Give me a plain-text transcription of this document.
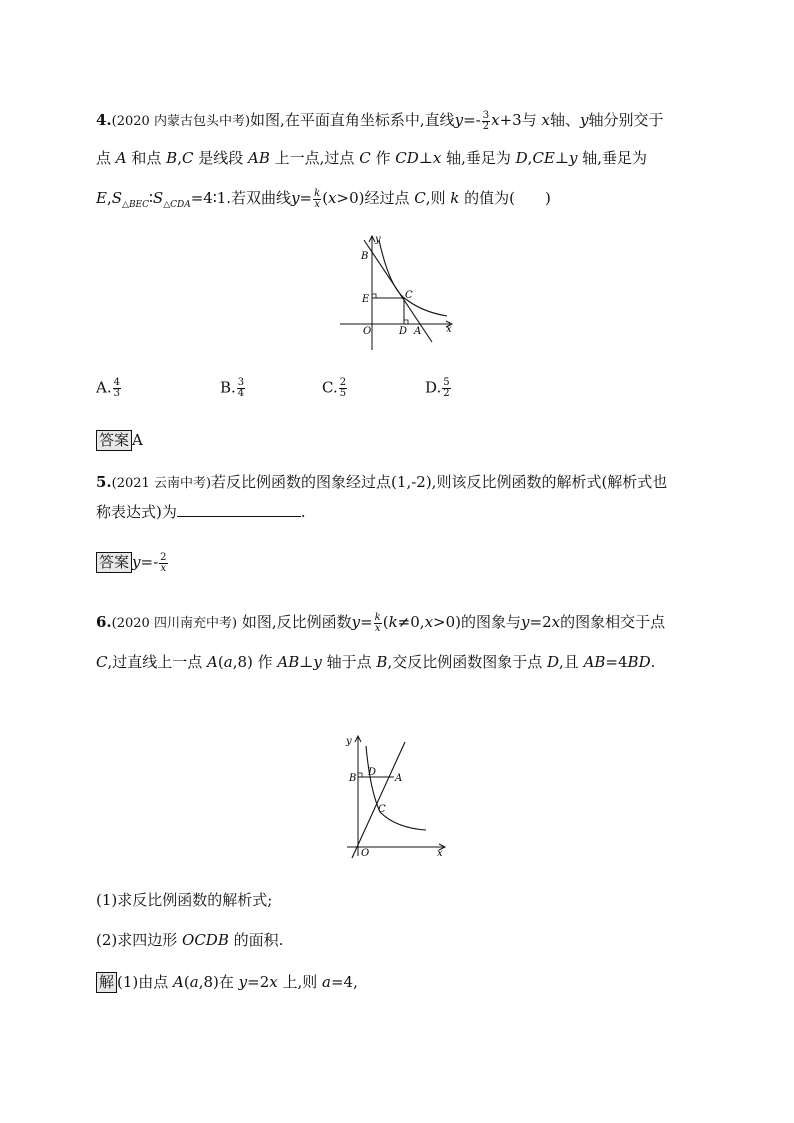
4.(2020 内蒙古包头中考)如图,在平面直角坐标系中,直线$y=- \frac{3}{2} x+3$与 x轴、y轴分别交于
点 A 和点 B,C 是线段 AB 上一点,过点 C 作 CD⊥x 轴,垂足为 D,CE⊥y 轴,垂足为
$E,S_{\triangle BEC}∶S_{\triangle CDA}=4∶1$.若双曲线$y= \frac{k}{x} (x>0)$经过点 C,则 k 的值为(　　)
y
B
E	C
O	D A x
A. $\frac{4}{3}$	B. $\frac{3}{4}$	C. $\frac{2}{5}$	D. $\frac{5}{2}$
答案 A
5.(2021 云南中考)若反比例函数的图象经过点(1,-2),则该反比例函数的解析式(解析式也
称表达式)为	.
答案 $y=- \frac{2}{x}$
6.(2020 四川南充中考) 如图,反比例函数$y= \frac{k}{x} (k\ne 0,x>0)$的图象与y=2x的图象相交于点
C,过直线上一点 A(a,8) 作 AB⊥y 轴于点 B,交反比例函数图象于点 D,且 AB=4BD.
y
B
D
A
C
O	x
(1)求反比例函数的解析式;
(2)求四边形 OCDB 的面积.
解 (1)由点 A(a,8)在 y=2x 上,则 a=4,
